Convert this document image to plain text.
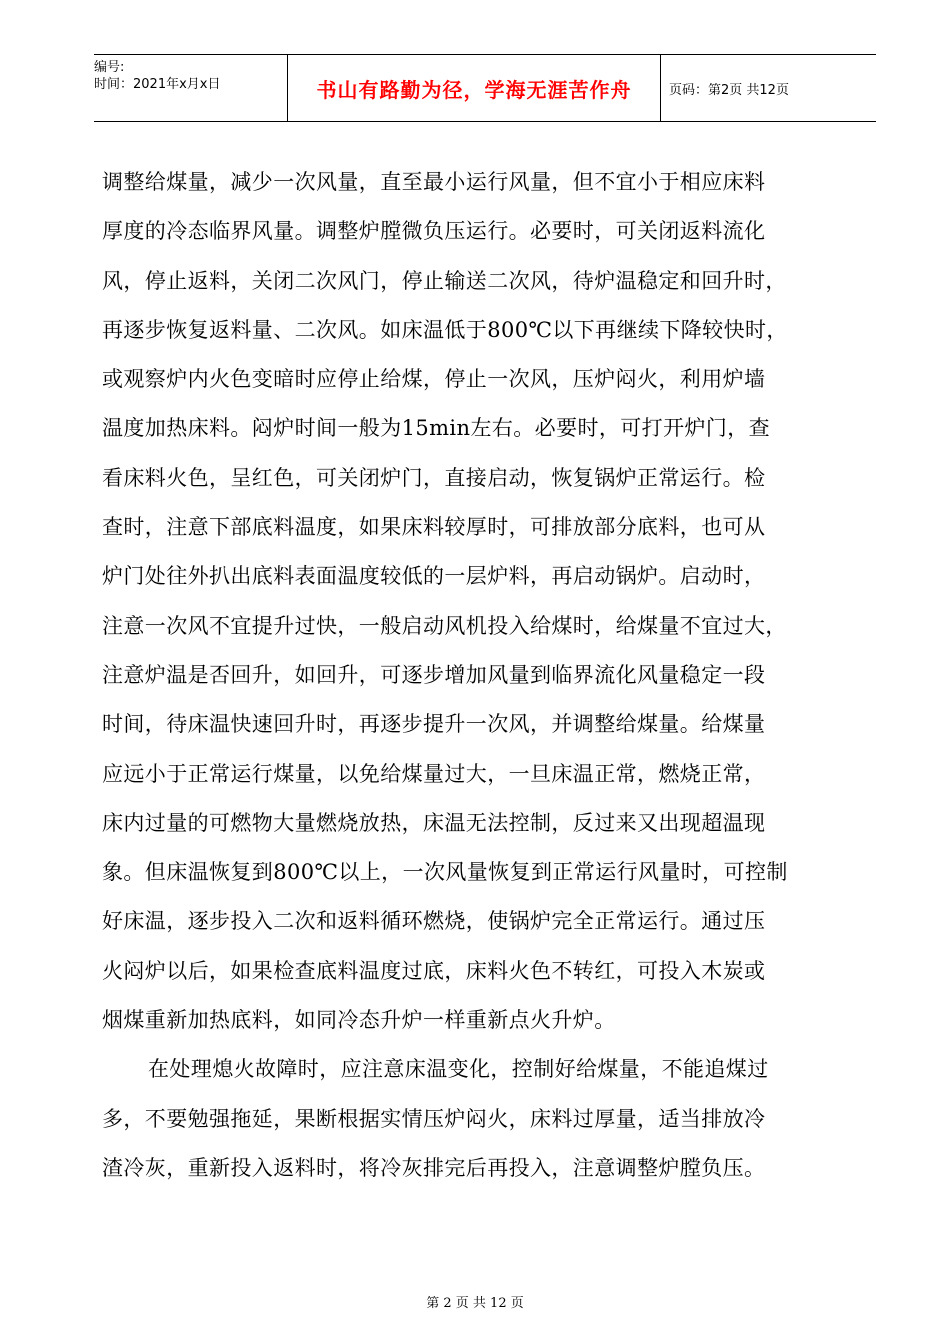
编号:
时间：2021年x月x日	书山有路勤为径，学海无涯苦作舟	页码：第2页 共12页
调整给煤量，减少一次风量，直至最小运行风量，但不宜小于相应床料
厚度的冷态临界风量。调整炉膛微负压运行。必要时，可关闭返料流化
风，停止返料，关闭二次风门，停止输送二次风，待炉温稳定和回升时，
再逐步恢复返料量、二次风。如床温低于800℃以下再继续下降较快时，
或观察炉内火色变暗时应停止给煤，停止一次风，压炉闷火，利用炉墙
温度加热床料。闷炉时间一般为15min左右。必要时，可打开炉门，查
看床料火色，呈红色，可关闭炉门，直接启动，恢复锅炉正常运行。检
查时，注意下部底料温度，如果床料较厚时，可排放部分底料，也可从
炉门处往外扒出底料表面温度较低的一层炉料，再启动锅炉。启动时，
注意一次风不宜提升过快，一般启动风机投入给煤时，给煤量不宜过大，
注意炉温是否回升，如回升，可逐步增加风量到临界流化风量稳定一段
时间，待床温快速回升时，再逐步提升一次风，并调整给煤量。给煤量
应远小于正常运行煤量，以免给煤量过大，一旦床温正常，燃烧正常，
床内过量的可燃物大量燃烧放热，床温无法控制，反过来又出现超温现
象。但床温恢复到800℃以上，一次风量恢复到正常运行风量时，可控制
好床温，逐步投入二次和返料循环燃烧，使锅炉完全正常运行。通过压
火闷炉以后，如果检查底料温度过底，床料火色不转红，可投入木炭或
烟煤重新加热底料，如同冷态升炉一样重新点火升炉。
在处理熄火故障时，应注意床温变化，控制好给煤量，不能追煤过
多，不要勉强拖延，果断根据实情压炉闷火，床料过厚量，适当排放冷
渣冷灰，重新投入返料时，将冷灰排完后再投入，注意调整炉膛负压。
第 2 页 共 12 页
